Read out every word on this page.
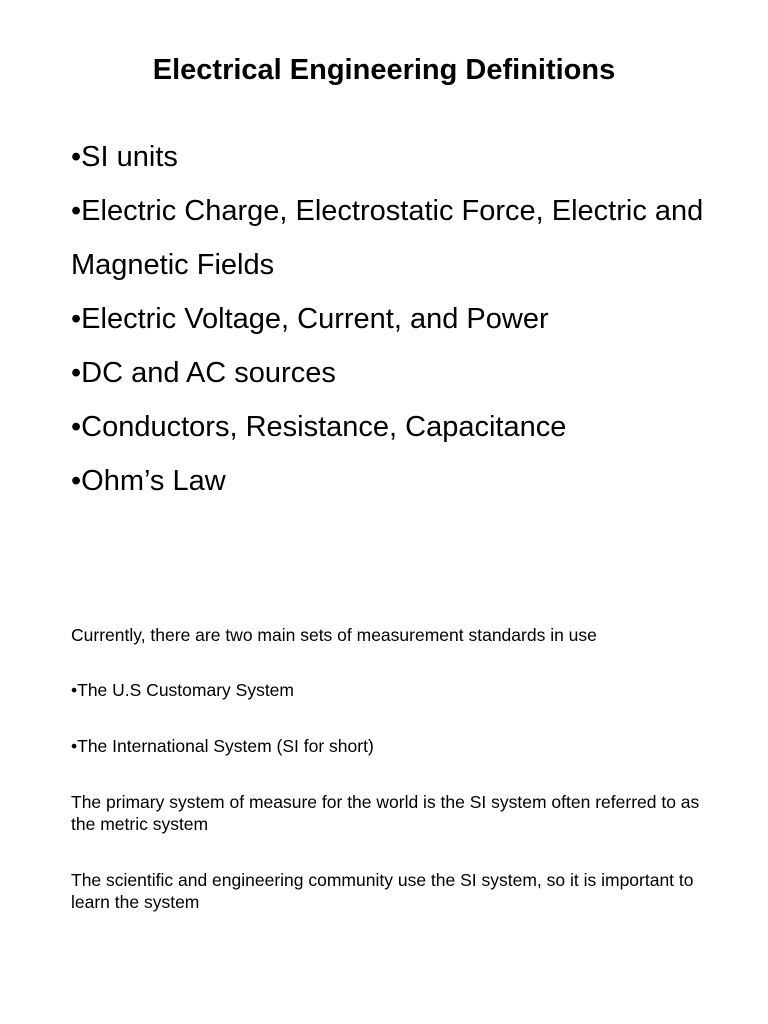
Electrical Engineering Definitions
•SI units
•Electric Charge, Electrostatic Force, Electric and Magnetic Fields
•Electric Voltage, Current, and Power
•DC and AC sources
•Conductors, Resistance, Capacitance
•Ohm’s Law

Currently, there are two main sets of measurement standards in use

•The U.S Customary System

•The International System (SI for short)

The primary system of measure for the world is the SI system often referred to as the metric system

The scientific and engineering community use the SI system, so it is important to learn the system
